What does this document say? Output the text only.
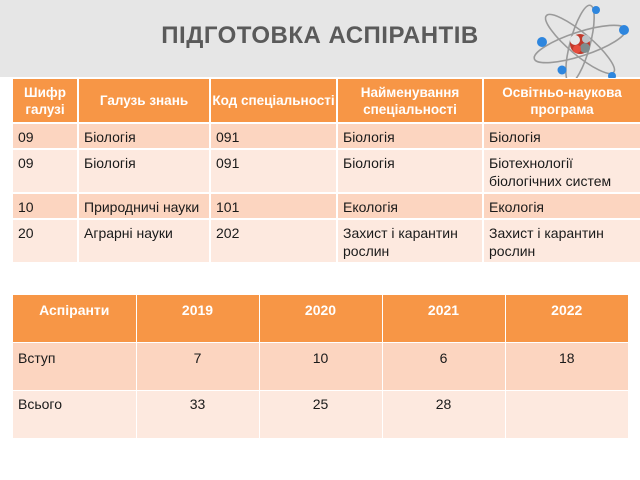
ПІДГОТОВКА АСПІРАНТІВ
Шифр галузі	Галузь знань	Код спеціальності	Найменування спеціальності	Освітньо-наукова програма
09	Біологія	091	Біологія	Біологія
09	Біологія	091	Біологія	Біотехнології біологічних систем
10	Природничі науки	101	Екологія	Екологія
20	Аграрні науки	202	Захист і карантин рослин	Захист і карантин рослин
Аспіранти	2019	2020	2021	2022
Вступ	7	10	6	18
Всього	33	25	28	
